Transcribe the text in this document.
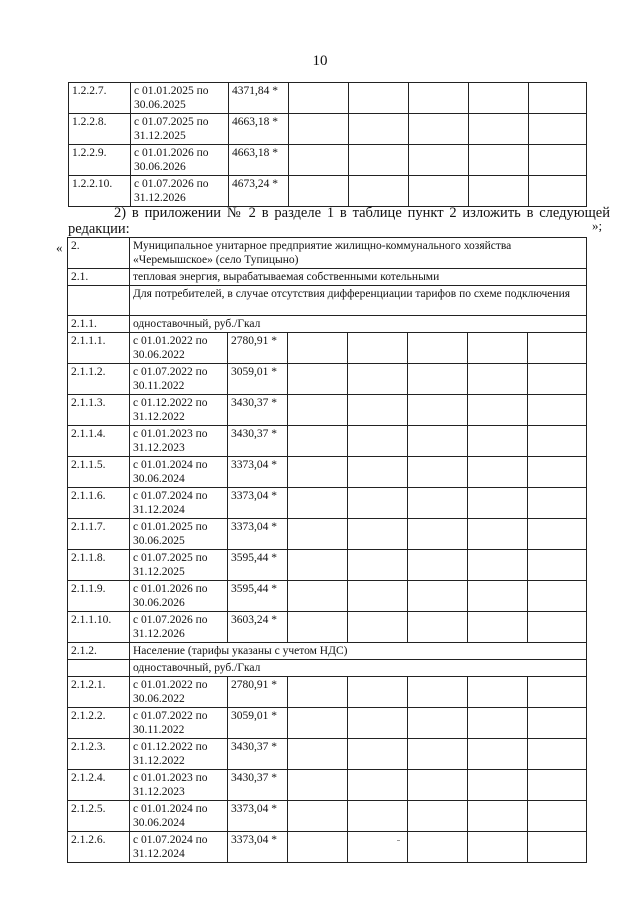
10
1.2.2.7.	с 01.01.2025 по 30.06.2025	4371,84 *					
1.2.2.8.	с 01.07.2025 по 31.12.2025	4663,18 *					
1.2.2.9.	с 01.01.2026 по 30.06.2026	4663,18 *					
1.2.2.10.	с 01.07.2026 по 31.12.2026	4673,24 *					
»;
2) в приложении № 2 в разделе 1 в таблице пункт 2 изложить в следующей редакции:
« 2.	Муниципальное унитарное предприятие жилищно-коммунального хозяйства «Черемышское» (село Тупицыно)						
2.1.	тепловая энергия, вырабатываемая собственными котельными						
	Для потребителей, в случае отсутствия дифференциации тарифов по схеме подключения						
2.1.1.	одноставочный, руб./Гкал						
2.1.1.1.	с 01.01.2022 по 30.06.2022	2780,91 *					
2.1.1.2.	с 01.07.2022 по 30.11.2022	3059,01 *					
2.1.1.3.	с 01.12.2022 по 31.12.2022	3430,37 *					
2.1.1.4.	с 01.01.2023 по 31.12.2023	3430,37 *					
2.1.1.5.	с 01.01.2024 по 30.06.2024	3373,04 *					
2.1.1.6.	с 01.07.2024 по 31.12.2024	3373,04 *					
2.1.1.7.	с 01.01.2025 по 30.06.2025	3373,04 *					
2.1.1.8.	с 01.07.2025 по 31.12.2025	3595,44 *					
2.1.1.9.	с 01.01.2026 по 30.06.2026	3595,44 *					
2.1.1.10.	с 01.07.2026 по 31.12.2026	3603,24 *					
2.1.2.	Население (тарифы указаны с учетом НДС)						
	одноставочный, руб./Гкал						
2.1.2.1.	с 01.01.2022 по 30.06.2022	2780,91 *					
2.1.2.2.	с 01.07.2022 по 30.11.2022	3059,01 *					
2.1.2.3.	с 01.12.2022 по 31.12.2022	3430,37 *					
2.1.2.4.	с 01.01.2023 по 31.12.2023	3430,37 *					
2.1.2.5.	с 01.01.2024 по 30.06.2024	3373,04 *					
2.1.2.6.	с 01.07.2024 по 31.12.2024	3373,04 *					
